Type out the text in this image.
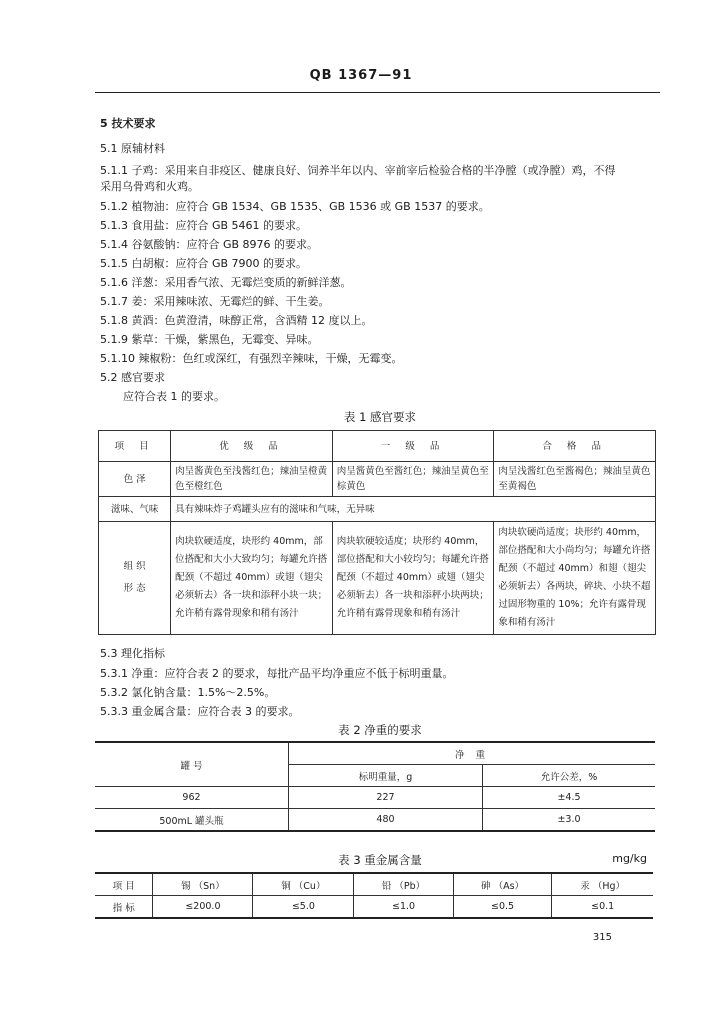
QB 1367—91
5 技术要求
5.1 原辅材料
5.1.1 子鸡：采用来自非疫区、健康良好、饲养半年以内、宰前宰后检验合格的半净膛（或净膛）鸡，不得
采用乌骨鸡和火鸡。
5.1.2 植物油：应符合 GB 1534、GB 1535、GB 1536 或 GB 1537 的要求。
5.1.3 食用盐：应符合 GB 5461 的要求。
5.1.4 谷氨酸钠：应符合 GB 8976 的要求。
5.1.5 白胡椒：应符合 GB 7900 的要求。
5.1.6 洋葱：采用香气浓、无霉烂变质的新鲜洋葱。
5.1.7 姜：采用辣味浓、无霉烂的鲜、干生姜。
5.1.8 黄酒：色黄澄清，味醇正常，含酒精 12 度以上。
5.1.9 紫草：干燥，紫黑色，无霉变、异味。
5.1.10 辣椒粉：色红或深红，有强烈辛辣味，干燥，无霉变。
5.2 感官要求
应符合表 1 的要求。
表 1 感官要求
项 目	优 级 品	一 级 品	合 格 品
色 泽	肉呈酱黄色至浅酱红色；辣油呈橙黄色至橙红色	肉呈酱黄色至酱红色；辣油呈黄色至棕黄色	肉呈浅酱红色至酱褐色；辣油呈黄色至黄褐色
滋味、气味	具有辣味炸子鸡罐头应有的滋味和气味，无异味		
组 织
形 态	肉块软硬适度，块形约 40mm，部位搭配和大小大致均匀；每罐允许搭配颈（不超过 40mm）或翅（翅尖必须斩去）各一块和添秤小块一块；允许稍有露骨现象和稍有汤汁	肉块软硬较适度；块形约 40mm，部位搭配和大小较均匀；每罐允许搭配颈（不超过 40mm）或翅（翅尖必须斩去）各一块和添秤小块两块；允许稍有露骨现象和稍有汤汁	肉块软硬尚适度；块形约 40mm，部位搭配和大小尚均匀；每罐允许搭配颈（不超过 40mm）和翅（翅尖必须斩去）各两块，碎块、小块不超过固形物重的 10%；允许有露骨现象和稍有汤汁
5.3 理化指标
5.3.1 净重：应符合表 2 的要求，每批产品平均净重应不低于标明重量。
5.3.2 氯化钠含量：1.5%～2.5%。
5.3.3 重金属含量：应符合表 3 的要求。
表 2 净重的要求
罐 号	净 重	
	标明重量，g	允许公差，%
962	227	±4.5
500mL 罐头瓶	480	±3.0
表 3 重金属含量	mg/kg
项 目	锡 （Sn）	铜 （Cu）	铅 （Pb）	砷 （As）	汞 （Hg）
指 标	≤200.0	≤5.0	≤1.0	≤0.5	≤0.1
315
